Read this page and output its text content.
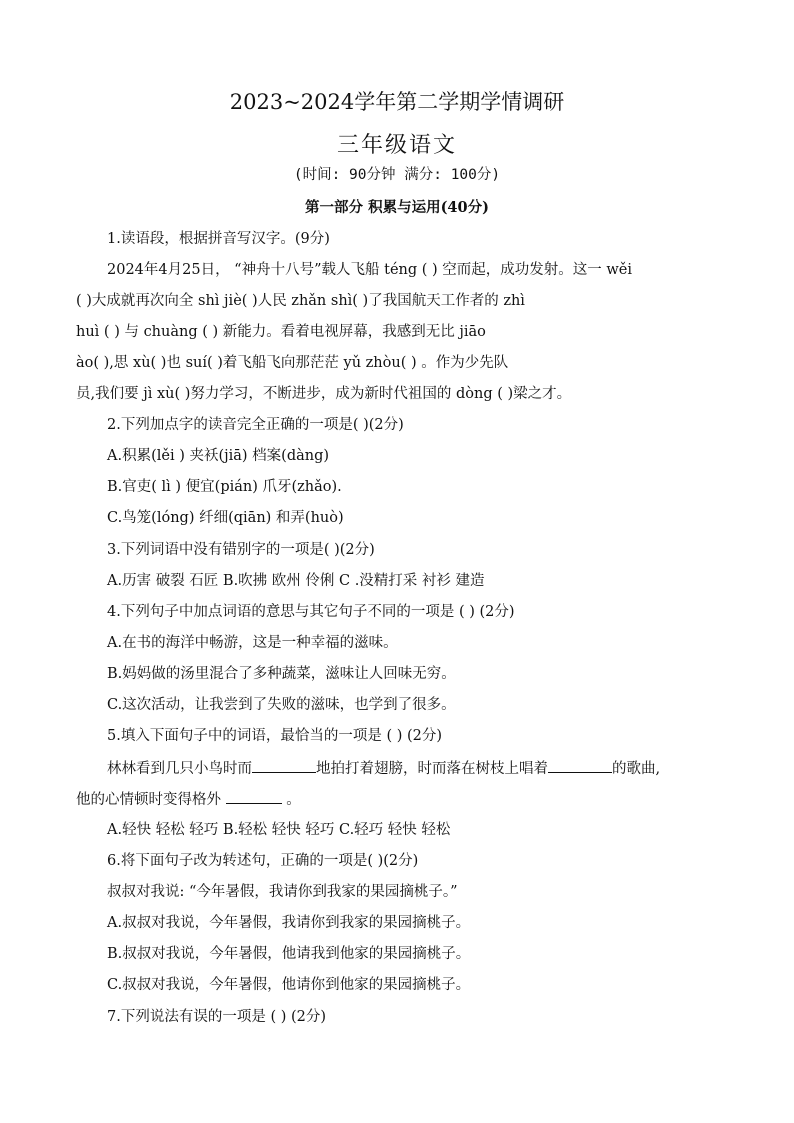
2023~2024学年第二学期学情调研
三年级语文
(时间: 90分钟 满分: 100分)
第一部分 积累与运用(40分)
1.读语段，根据拼音写汉字。(9分)
2024年4月25日， “神舟十八号”载人飞船 téng ( ) 空而起，成功发射。这一 wěi
( )大成就再次向全 shì jiè( )人民 zhǎn shì( )了我国航天工作者的 zhì
huì ( ) 与 chuàng ( ) 新能力。看着电视屏幕，我感到无比 jiāo
ào( ),思 xù( )也 suí( )着飞船飞向那茫茫 yǔ zhòu( ) 。作为少先队
员,我们要 jì xù( )努力学习，不断进步，成为新时代祖国的 dòng ( )梁之才。
2.下列加点字的读音完全正确的一项是( )(2分)
A.积累(lěi ) 夹袄(jiā) 档案(dàng)
B.官吏( lì ) 便宜(pián) 爪牙(zhǎo).
C.鸟笼(lóng) 纤细(qiān) 和弄(huò)
3.下列词语中没有错别字的一项是( )(2分)
A.历害 破裂 石匠 B.吹拂 欧州 伶俐 C .没精打采 衬衫 建造
4.下列句子中加点词语的意思与其它句子不同的一项是 ( ) (2分)
A.在书的海洋中畅游，这是一种幸福的滋味。
B.妈妈做的汤里混合了多种蔬菜，滋味让人回味无穷。
C.这次活动，让我尝到了失败的滋味，也学到了很多。
5.填入下面句子中的词语，最恰当的一项是 ( ) (2分)
林林看到几只小鸟时而	地拍打着翅膀，时而落在树枝上唱着	的歌曲,
他的心情顿时变得格外	。
A.轻快 轻松 轻巧 B.轻松 轻快 轻巧 C.轻巧 轻快 轻松
6.将下面句子改为转述句，正确的一项是( )(2分)
叔叔对我说: “今年暑假，我请你到我家的果园摘桃子。”
A.叔叔对我说，今年暑假，我请你到我家的果园摘桃子。
B.叔叔对我说，今年暑假，他请我到他家的果园摘桃子。
C.叔叔对我说，今年暑假，他请你到他家的果园摘桃子。
7.下列说法有误的一项是 ( ) (2分)
